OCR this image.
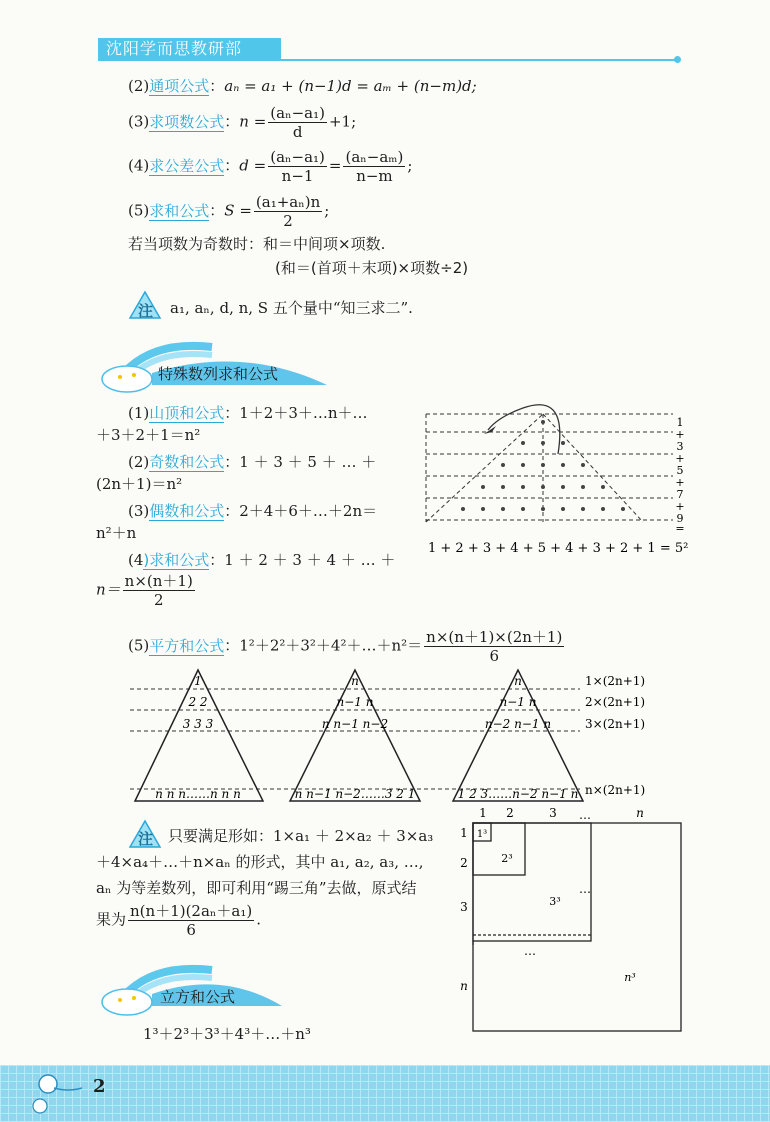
沈阳学而思教研部
(2)通项公式：aₙ = a₁ + (n−1)d = aₘ + (n−m)d;
(3)求项数公式：$n = \frac{\text{(aₙ−a₁)}}{d} +1$;
(4)求公差公式：$d = \frac{\text{(aₙ−a₁)}}{n-1} = \frac{\text{(aₙ−aₘ)}}{n-m}$ ;
(5)求和公式：$S = \frac{\text{(a₁+aₙ)n}}{2}$ ;
若当项数为奇数时：和＝中间项×项数.
(和＝(首项＋末项)×项数÷2)
注 a₁, aₙ, d, n, S 五个量中“知三求二”.
特殊数列求和公式
(1)山顶和公式：1＋2＋3＋…n＋…
＋3＋2＋1＝n²
(2)奇数和公式：1 ＋ 3 ＋ 5 ＋ … ＋
(2n＋1)＝n²
(3)偶数和公式：2＋4＋6＋…＋2n＝
n²＋n
(4)求和公式：1 ＋ 2 ＋ 3 ＋ 4 ＋ … ＋
$n= \frac{n\times(n+1)}{2}$
(5)平方和公式：1²＋2²＋3²＋4²＋…＋n²＝ $\frac{n\times(n+1)\times(2n+1)}{6}$
1
+
3
+
5
+
7
+
9
=
1 + 2 + 3 + 4 + 5 + 4 + 3 + 2 + 1 = 5²
1
2 2
3 3 3
n n n……n n n
n
n−1 n
n n−1 n−2
n n−1 n−2……3 2 1
n
n−1 n
n−2 n−1 n
1 2 3……n−2 n−1 n
1×(2n+1)
2×(2n+1)
3×(2n+1)
n×(2n+1)
注 只要满足形如：1×a₁ ＋ 2×a₂ ＋ 3×a₃
＋4×a₄＋…＋n×aₙ 的形式，其中 a₁, a₂, a₃, …,
aₙ 为等差数列，即可利用“踢三角”去做，原式结
果为 $\frac{\text{n(n＋1)(2aₙ＋a₁)}}{6}$ .
1 2	3	n
1
2
3
n
1³
2³
3³
n³
…
…
…
立方和公式
1³＋2³＋3³＋4³＋…＋n³
2
